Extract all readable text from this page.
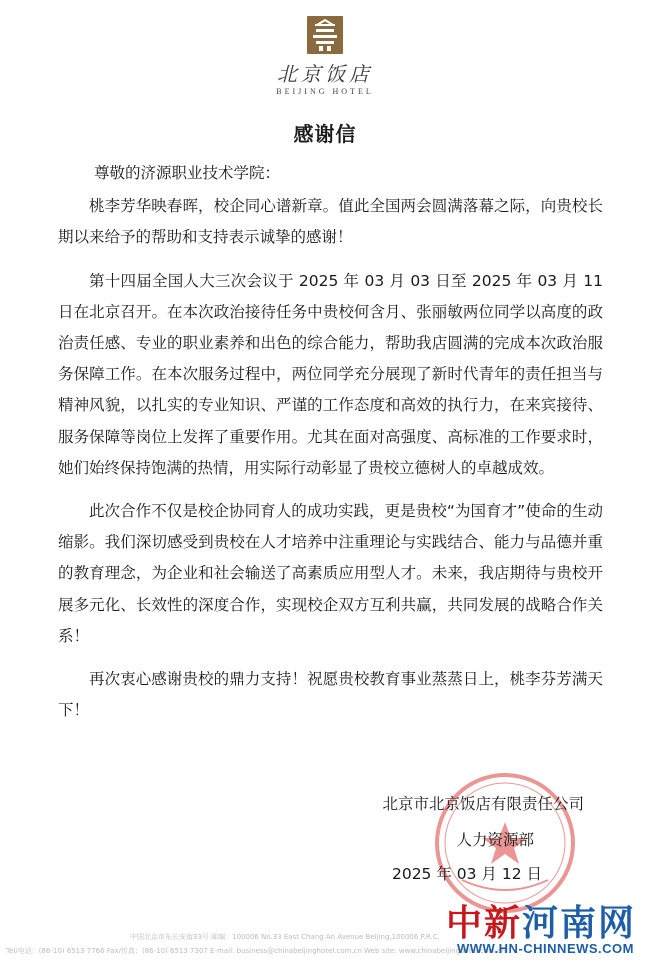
北京饭店
BEIJING HOTEL
感谢信

尊敬的济源职业技术学院：

桃李芳华映春晖，校企同心谱新章。值此全国两会圆满落幕之际，向贵校长期以来给予的帮助和支持表示诚挚的感谢！

第十四届全国人大三次会议于 2025 年 03 月 03 日至 2025 年 03 月 11 日在北京召开。在本次政治接待任务中贵校何含月、张丽敏两位同学以高度的政治责任感、专业的职业素养和出色的综合能力，帮助我店圆满的完成本次政治服务保障工作。在本次服务过程中，两位同学充分展现了新时代青年的责任担当与精神风貌，以扎实的专业知识、严谨的工作态度和高效的执行力，在来宾接待、服务保障等岗位上发挥了重要作用。尤其在面对高强度、高标准的工作要求时，她们始终保持饱满的热情，用实际行动彰显了贵校立德树人的卓越成效。

此次合作不仅是校企协同育人的成功实践，更是贵校“为国育才”使命的生动缩影。我们深切感受到贵校在人才培养中注重理论与实践结合、能力与品德并重的教育理念，为企业和社会输送了高素质应用型人才。未来，我店期待与贵校开展多元化、长效性的深度合作，实现校企双方互利共赢，共同发展的战略合作关系！

再次衷心感谢贵校的鼎力支持！祝愿贵校教育事业蒸蒸日上，桃李芬芳满天下！

北京市北京饭店有限责任公司
人力资源部
2025 年 03 月 12 日
中国北京市东长安街33号 邮编：100006 No.33 East Chang An Avenue Beijing,100006 P.R.C.
Tel/电话：(86-10) 6513 7766 Fax/传真：(86-10) 6513 7307 E-mail: business@chinabeijinghotel.com.cn Web site: www.chinabeijinghotel.com.cn
中新河南网
WWW.HN-CHINNEWS.COM
